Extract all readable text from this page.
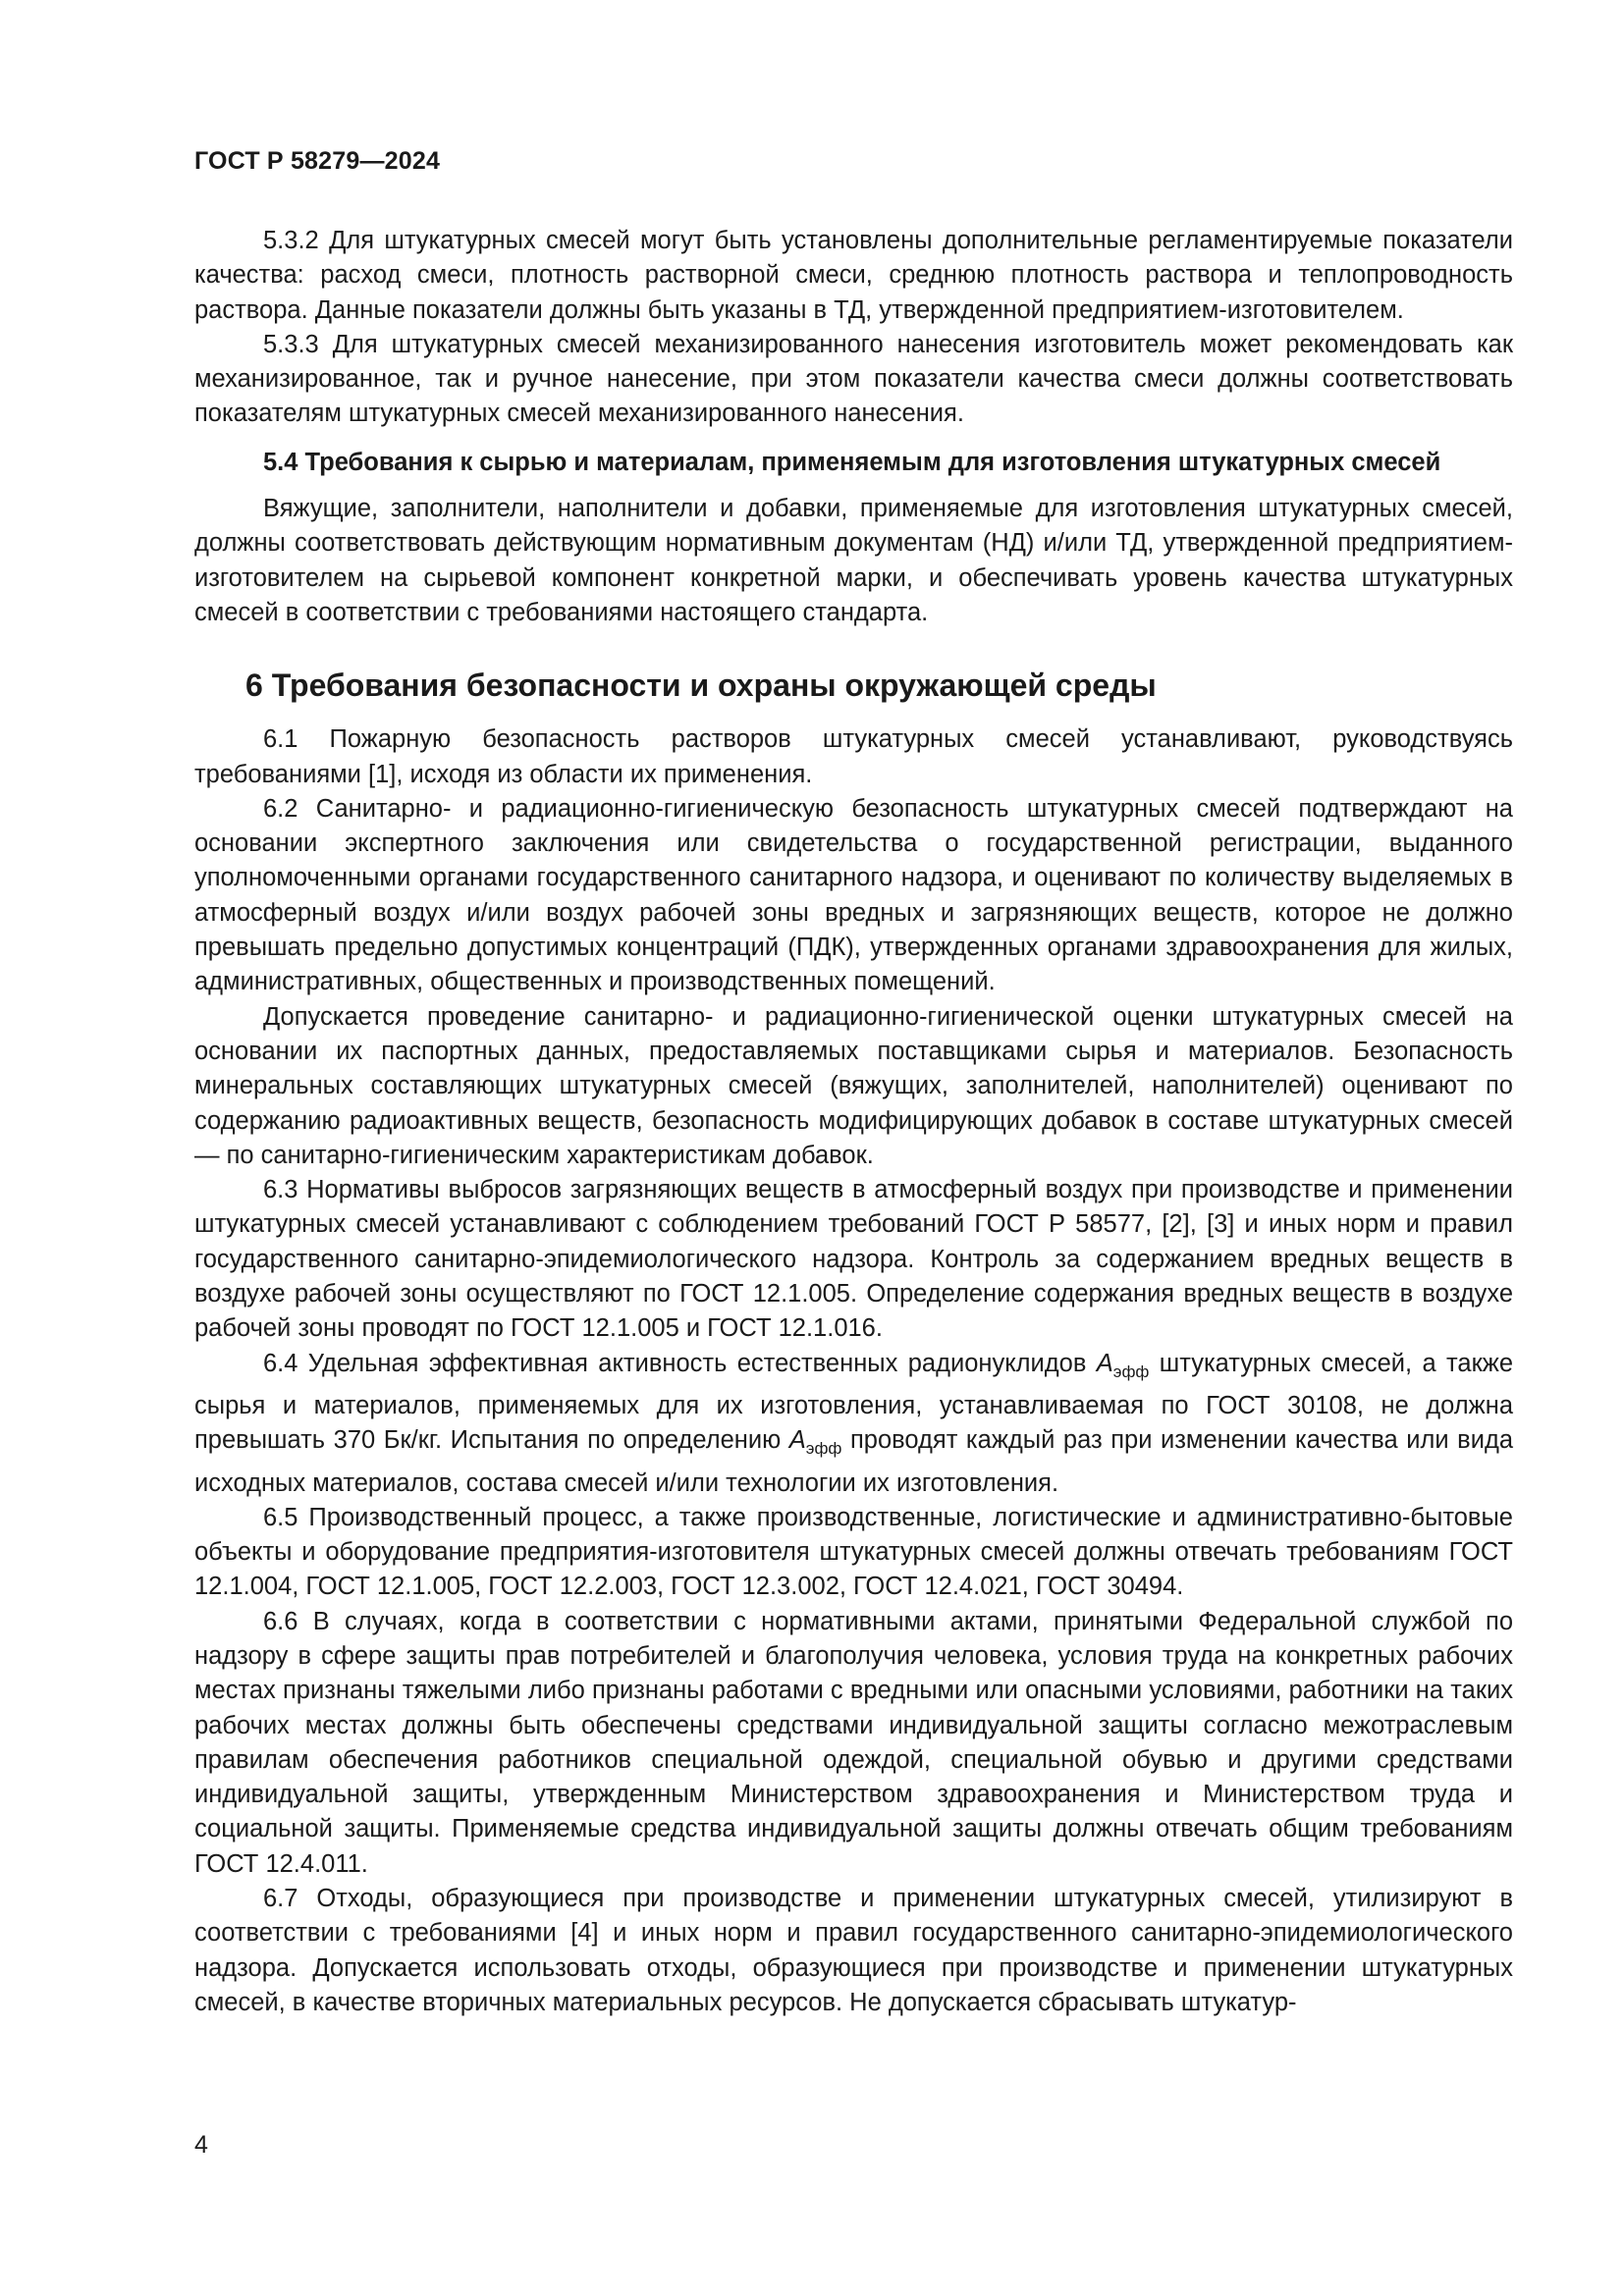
ГОСТ Р 58279—2024

5.3.2 Для штукатурных смесей могут быть установлены дополнительные регламентируемые показатели качества: расход смеси, плотность растворной смеси, среднюю плотность раствора и теплопроводность раствора. Данные показатели должны быть указаны в ТД, утвержденной предприятием-изготовителем.

5.3.3 Для штукатурных смесей механизированного нанесения изготовитель может рекомендовать как механизированное, так и ручное нанесение, при этом показатели качества смеси должны соответствовать показателям штукатурных смесей механизированного нанесения.

5.4 Требования к сырью и материалам, применяемым для изготовления штукатурных смесей

Вяжущие, заполнители, наполнители и добавки, применяемые для изготовления штукатурных смесей, должны соответствовать действующим нормативным документам (НД) и/или ТД, утвержденной предприятием-изготовителем на сырьевой компонент конкретной марки, и обеспечивать уровень качества штукатурных смесей в соответствии с требованиями настоящего стандарта.

6 Требования безопасности и охраны окружающей среды

6.1 Пожарную безопасность растворов штукатурных смесей устанавливают, руководствуясь требованиями [1], исходя из области их применения.

6.2 Санитарно- и радиационно-гигиеническую безопасность штукатурных смесей подтверждают на основании экспертного заключения или свидетельства о государственной регистрации, выданного уполномоченными органами государственного санитарного надзора, и оценивают по количеству выделяемых в атмосферный воздух и/или воздух рабочей зоны вредных и загрязняющих веществ, которое не должно превышать предельно допустимых концентраций (ПДК), утвержденных органами здравоохранения для жилых, административных, общественных и производственных помещений.

Допускается проведение санитарно- и радиационно-гигиенической оценки штукатурных смесей на основании их паспортных данных, предоставляемых поставщиками сырья и материалов. Безопасность минеральных составляющих штукатурных смесей (вяжущих, заполнителей, наполнителей) оценивают по содержанию радиоактивных веществ, безопасность модифицирующих добавок в составе штукатурных смесей — по санитарно-гигиеническим характеристикам добавок.

6.3 Нормативы выбросов загрязняющих веществ в атмосферный воздух при производстве и применении штукатурных смесей устанавливают с соблюдением требований ГОСТ Р 58577, [2], [3] и иных норм и правил государственного санитарно-эпидемиологического надзора. Контроль за содержанием вредных веществ в воздухе рабочей зоны осуществляют по ГОСТ 12.1.005. Определение содержания вредных веществ в воздухе рабочей зоны проводят по ГОСТ 12.1.005 и ГОСТ 12.1.016.

6.4 Удельная эффективная активность естественных радионуклидов $А_{эфф}$ штукатурных смесей, а также сырья и материалов, применяемых для их изготовления, устанавливаемая по ГОСТ 30108, не должна превышать 370 Бк/кг. Испытания по определению $А_{эфф}$ проводят каждый раз при изменении качества или вида исходных материалов, состава смесей и/или технологии их изготовления.

6.5 Производственный процесс, а также производственные, логистические и административно-бытовые объекты и оборудование предприятия-изготовителя штукатурных смесей должны отвечать требованиям ГОСТ 12.1.004, ГОСТ 12.1.005, ГОСТ 12.2.003, ГОСТ 12.3.002, ГОСТ 12.4.021, ГОСТ 30494.

6.6 В случаях, когда в соответствии с нормативными актами, принятыми Федеральной службой по надзору в сфере защиты прав потребителей и благополучия человека, условия труда на конкретных рабочих местах признаны тяжелыми либо признаны работами с вредными или опасными условиями, работники на таких рабочих местах должны быть обеспечены средствами индивидуальной защиты согласно межотраслевым правилам обеспечения работников специальной одеждой, специальной обувью и другими средствами индивидуальной защиты, утвержденным Министерством здравоохранения и Министерством труда и социальной защиты. Применяемые средства индивидуальной защиты должны отвечать общим требованиям ГОСТ 12.4.011.

6.7 Отходы, образующиеся при производстве и применении штукатурных смесей, утилизируют в соответствии с требованиями [4] и иных норм и правил государственного санитарно-эпидемиологического надзора. Допускается использовать отходы, образующиеся при производстве и применении штукатурных смесей, в качестве вторичных материальных ресурсов. Не допускается сбрасывать штукатур-

4
